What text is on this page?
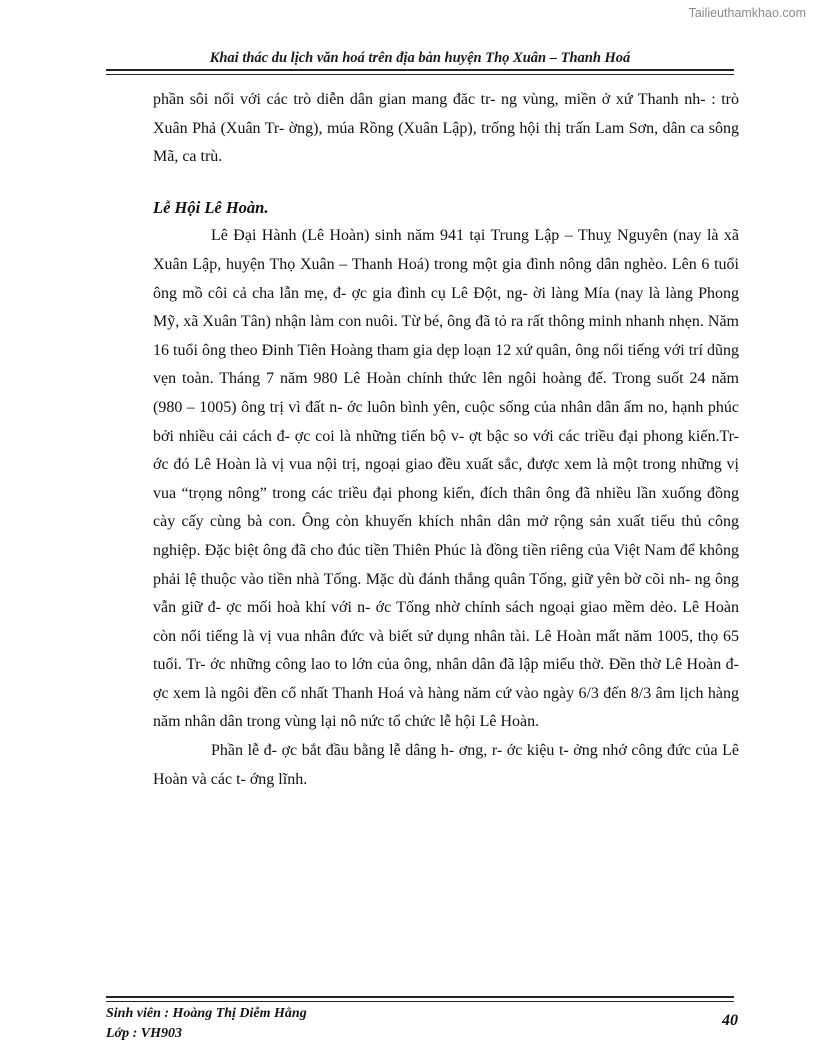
Tailieuthamkhao.com
Khai thác du lịch văn hoá trên địa bàn huyện Thọ Xuân – Thanh Hoá

phần sôi nổi với các trò diễn dân gian mang đăc tr- ng vùng, miền ở xứ Thanh nh- : trò Xuân Phả (Xuân Tr- ờng), múa Rồng (Xuân Lập), trống hội thị trấn Lam Sơn, dân ca sông Mã, ca trù.

Lễ Hội Lê Hoàn.

Lê Đại Hành (Lê Hoàn) sinh năm 941 tại Trung Lập – Thuỵ Nguyên (nay là xã Xuân Lập, huyện Thọ Xuân – Thanh Hoá) trong một gia đình nông dân nghèo. Lên 6 tuổi ông mồ côi cả cha lẫn mẹ, đ- ợc gia đình cụ Lê Đột, ng- ời làng Mía (nay là làng Phong Mỹ, xã Xuân Tân) nhận làm con nuôi. Từ bé, ông đã tỏ ra rất thông minh nhanh nhẹn. Năm 16 tuổi ông theo Đinh Tiên Hoàng tham gia dẹp loạn 12 xứ quân, ông nổi tiếng với trí dũng vẹn toàn. Tháng 7 năm 980 Lê Hoàn chính thức lên ngôi hoàng đế. Trong suốt 24 năm (980 – 1005) ông trị vì đất n- ớc luôn bình yên, cuộc sống của nhân dân ấm no, hạnh phúc bởi nhiều cải cách đ- ợc coi là những tiến bộ v- ợt bậc so với các triều đại phong kiến.Tr- ớc đó Lê Hoàn là vị vua nội trị, ngoại giao đều xuất sắc, được xem là một trong những vị vua “trọng nông” trong các triều đại phong kiến, đích thân ông đã nhiều lần xuống đồng cày cấy cùng bà con. Ông còn khuyến khích nhân dân mở rộng sản xuất tiểu thủ công nghiệp. Đặc biệt ông đã cho đúc tiền Thiên Phúc là đồng tiền riêng của Việt Nam để không phải lệ thuộc vào tiền nhà Tống. Mặc dù đánh thắng quân Tống, giữ yên bờ cõi nh- ng ông vẫn giữ đ- ợc mối hoà khí với n- ớc Tống nhờ chính sách ngoại giao mềm dẻo. Lê Hoàn còn nổi tiếng là vị vua nhân đức và biết sử dụng nhân tài. Lê Hoàn mất năm 1005, thọ 65 tuổi. Tr- ớc những công lao to lớn của ông, nhân dân đã lập miếu thờ. Đền thờ Lê Hoàn đ- ợc xem là ngôi đền cổ nhất Thanh Hoá và hàng năm cứ vào ngày 6/3 đến 8/3 âm lịch hàng năm nhân dân trong vùng lại nô nức tổ chức lễ hội Lê Hoàn.

Phần lễ đ- ợc bắt đầu bằng lễ dâng h- ơng, r- ớc kiệu t- ởng nhớ công đức của Lê Hoàn và các t- ớng lĩnh.

Sinh viên : Hoàng Thị Diễm Hằng
Lớp : VH903
40
